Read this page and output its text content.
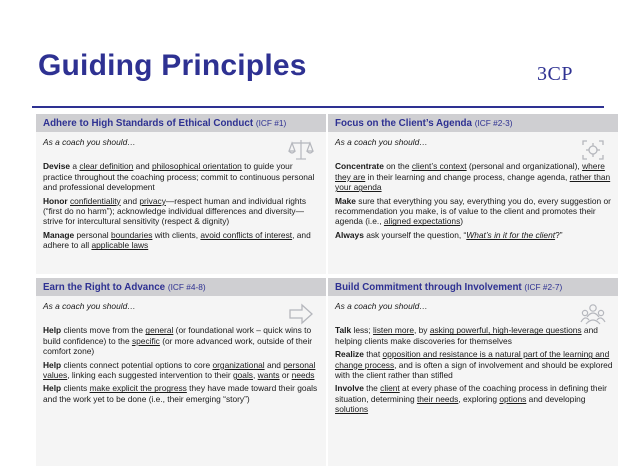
Guiding Principles	3CP
Adhere to High Standards of Ethical Conduct (ICF #1)

As a coach you should…

Devise a clear definition and philosophical orientation to guide your practice throughout the coaching process; commit to continuous personal and professional development

Honor confidentiality and privacy—respect human and individual rights (“first do no harm”); acknowledge individual differences and diversity—strive for intercultural sensitivity (respect & dignity)

Manage personal boundaries with clients, avoid conflicts of interest, and adhere to all applicable laws

Focus on the Client’s Agenda (ICF #2-3)

As a coach you should…

Concentrate on the client’s context (personal and organizational), where they are in their learning and change process, change agenda, rather than your agenda

Make sure that everything you say, everything you do, every suggestion or recommendation you make, is of value to the client and promotes their agenda (i.e., aligned expectations)

Always ask yourself the question, “What’s in it for the client?”

Earn the Right to Advance (ICF #4-8)

As a coach you should…

Help clients move from the general (or foundational work – quick wins to build confidence) to the specific (or more advanced work, outside of their comfort zone)

Help clients connect potential options to core organizational and personal values, linking each suggested intervention to their goals, wants or needs

Help clients make explicit the progress they have made toward their goals and the work yet to be done (i.e., their emerging “story”)

Build Commitment through Involvement (ICF #2-7)

As a coach you should…

Talk less; listen more, by asking powerful, high-leverage questions and helping clients make discoveries for themselves

Realize that opposition and resistance is a natural part of the learning and change process, and is often a sign of involvement and should be explored with the client rather than stifled

Involve the client at every phase of the coaching process in defining their situation, determining their needs, exploring options and developing solutions
